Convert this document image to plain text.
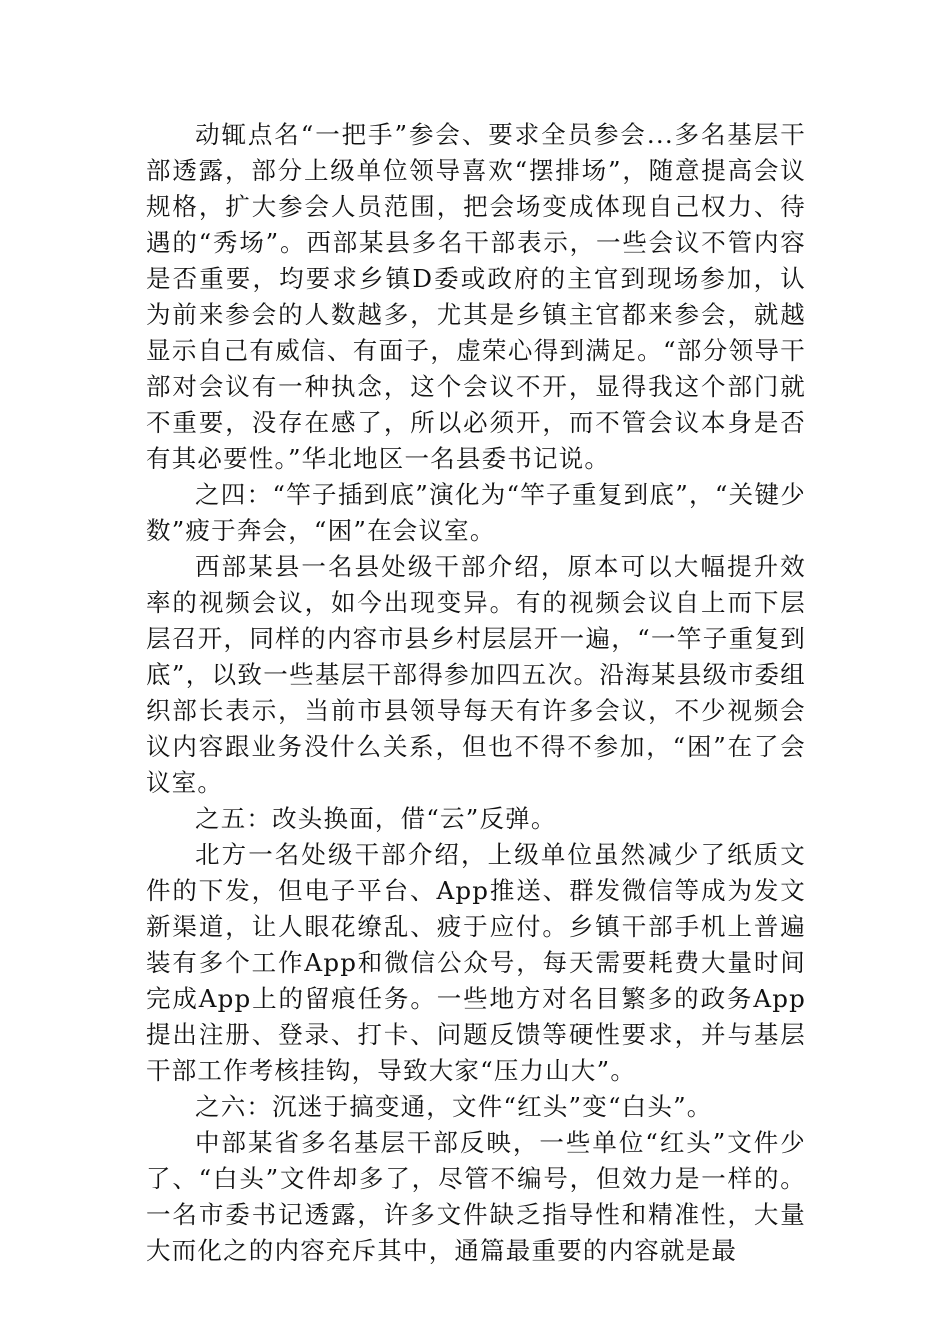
动辄点名“一把手”参会、要求全员参会...多名基层干部透露，部分上级单位领导喜欢“摆排场”，随意提高会议规格，扩大参会人员范围，把会场变成体现自己权力、待遇的“秀场”。西部某县多名干部表示，一些会议不管内容是否重要，均要求乡镇D委或政府的主官到现场参加，认为前来参会的人数越多，尤其是乡镇主官都来参会，就越显示自己有威信、有面子，虚荣心得到满足。“部分领导干部对会议有一种执念，这个会议不开，显得我这个部门就不重要，没存在感了，所以必须开，而不管会议本身是否有其必要性。”华北地区一名县委书记说。

之四：“竿子插到底”演化为“竿子重复到底”，“关键少数”疲于奔会，“困”在会议室。

西部某县一名县处级干部介绍，原本可以大幅提升效率的视频会议，如今出现变异。有的视频会议自上而下层层召开，同样的内容市县乡村层层开一遍，“一竿子重复到底”，以致一些基层干部得参加四五次。沿海某县级市委组织部长表示，当前市县领导每天有许多会议，不少视频会议内容跟业务没什么关系，但也不得不参加，“困”在了会议室。

之五：改头换面，借“云”反弹。

北方一名处级干部介绍，上级单位虽然减少了纸质文件的下发，但电子平台、App推送、群发微信等成为发文新渠道，让人眼花缭乱、疲于应付。乡镇干部手机上普遍装有多个工作App和微信公众号，每天需要耗费大量时间完成App上的留痕任务。一些地方对名目繁多的政务App提出注册、登录、打卡、问题反馈等硬性要求，并与基层干部工作考核挂钩，导致大家“压力山大”。

之六：沉迷于搞变通，文件“红头”变“白头”。

中部某省多名基层干部反映，一些单位“红头”文件少了、“白头”文件却多了，尽管不编号，但效力是一样的。一名市委书记透露，许多文件缺乏指导性和精准性，大量大而化之的内容充斥其中，通篇最重要的内容就是最
